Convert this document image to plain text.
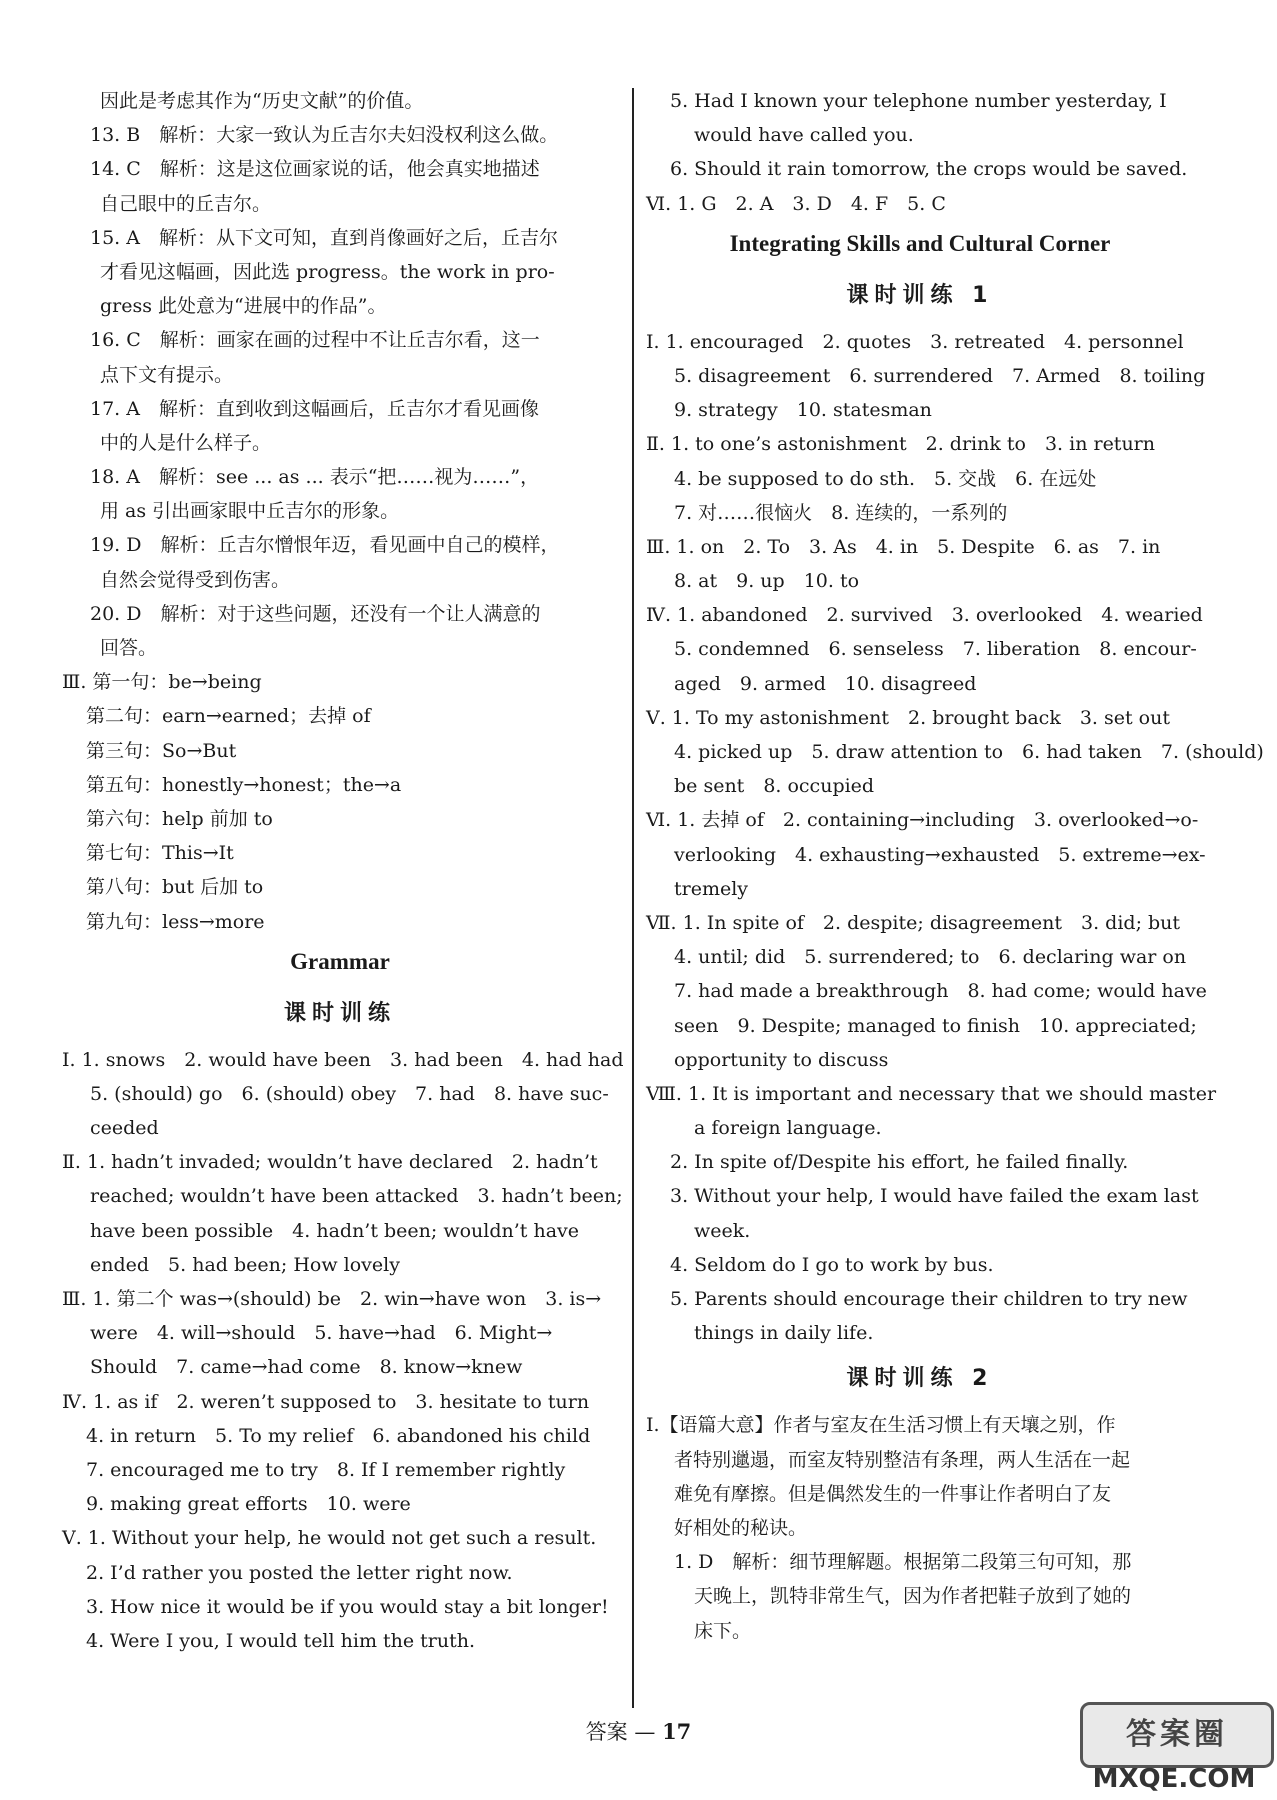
因此是考虑其作为“历史文献”的价值。
13. B　解析：大家一致认为丘吉尔夫妇没权利这么做。
14. C　解析：这是这位画家说的话，他会真实地描述
自己眼中的丘吉尔。
15. A　解析：从下文可知，直到肖像画好之后，丘吉尔
才看见这幅画，因此选 progress。the work in pro-
gress 此处意为“进展中的作品”。
16. C　解析：画家在画的过程中不让丘吉尔看，这一
点下文有提示。
17. A　解析：直到收到这幅画后，丘吉尔才看见画像
中的人是什么样子。
18. A　解析：see ... as ... 表示“把……视为……”，
用 as 引出画家眼中丘吉尔的形象。
19. D　解析：丘吉尔憎恨年迈，看见画中自己的模样，
自然会觉得受到伤害。
20. D　解析：对于这些问题，还没有一个让人满意的
回答。
Ⅲ. 第一句：be→being
第二句：earn→earned；去掉 of
第三句：So→But
第五句：honestly→honest；the→a
第六句：help 前加 to
第七句：This→It
第八句：but 后加 to
第九句：less→more
Grammar
课时训练
Ⅰ. 1. snows　2. would have been　3. had been　4. had had
5. (should) go　6. (should) obey　7. had　8. have suc-
ceeded
Ⅱ. 1. hadn’t invaded; wouldn’t have declared　2. hadn’t
reached; wouldn’t have been attacked　3. hadn’t been;
have been possible　4. hadn’t been; wouldn’t have
ended　5. had been; How lovely
Ⅲ. 1. 第二个 was→(should) be　2. win→have won　3. is→
were　4. will→should　5. have→had　6. Might→
Should　7. came→had come　8. know→knew
Ⅳ. 1. as if　2. weren’t supposed to　3. hesitate to turn
4. in return　5. To my relief　6. abandoned his child
7. encouraged me to try　8. If I remember rightly
9. making great efforts　10. were
Ⅴ. 1. Without your help, he would not get such a result.
2. I’d rather you posted the letter right now.
3. How nice it would be if you would stay a bit longer!
4. Were I you, I would tell him the truth.
5. Had I known your telephone number yesterday, I
would have called you.
6. Should it rain tomorrow, the crops would be saved.
Ⅵ. 1. G　2. A　3. D　4. F　5. C
Integrating Skills and Cultural Corner
课时训练 1
Ⅰ. 1. encouraged　2. quotes　3. retreated　4. personnel
5. disagreement　6. surrendered　7. Armed　8. toiling
9. strategy　10. statesman
Ⅱ. 1. to one’s astonishment　2. drink to　3. in return
4. be supposed to do sth.　5. 交战　6. 在远处
7. 对……很恼火　8. 连续的，一系列的
Ⅲ. 1. on　2. To　3. As　4. in　5. Despite　6. as　7. in
8. at　9. up　10. to
Ⅳ. 1. abandoned　2. survived　3. overlooked　4. wearied
5. condemned　6. senseless　7. liberation　8. encour-
aged　9. armed　10. disagreed
Ⅴ. 1. To my astonishment　2. brought back　3. set out
4. picked up　5. draw attention to　6. had taken　7. (should)
be sent　8. occupied
Ⅵ. 1. 去掉 of　2. containing→including　3. overlooked→o-
verlooking　4. exhausting→exhausted　5. extreme→ex-
tremely
Ⅶ. 1. In spite of　2. despite; disagreement　3. did; but
4. until; did　5. surrendered; to　6. declaring war on
7. had made a breakthrough　8. had come; would have
seen　9. Despite; managed to finish　10. appreciated;
opportunity to discuss
Ⅷ. 1. It is important and necessary that we should master
a foreign language.
2. In spite of/Despite his effort, he failed finally.
3. Without your help, I would have failed the exam last
week.
4. Seldom do I go to work by bus.
5. Parents should encourage their children to try new
things in daily life.
课时训练 2
Ⅰ.【语篇大意】作者与室友在生活习惯上有天壤之别，作
者特别邋遢，而室友特别整洁有条理，两人生活在一起
难免有摩擦。但是偶然发生的一件事让作者明白了友
好相处的秘诀。
1. D　解析：细节理解题。根据第二段第三句可知，那
天晚上，凯特非常生气，因为作者把鞋子放到了她的
床下。
答案 — 17	答案圈
MXQE.COM
